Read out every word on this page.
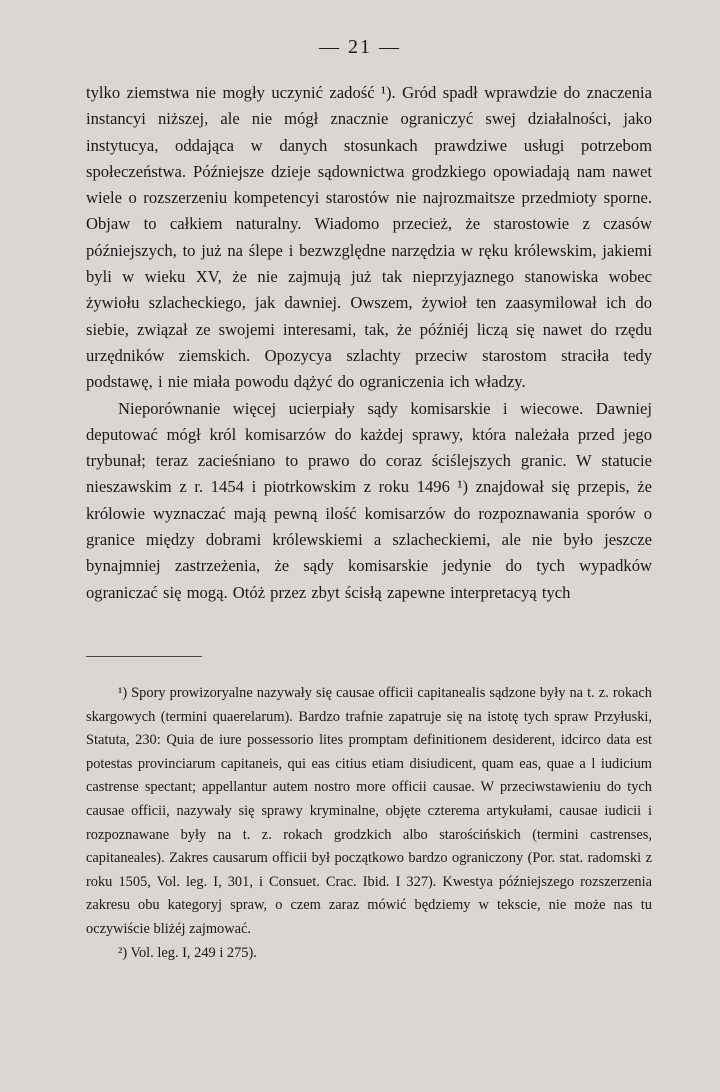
— 21 —

tylko ziemstwa nie mogły uczynić zadość ¹). Gród spadł wprawdzie do znaczenia instancyi niższej, ale nie mógł znacznie ograniczyć swej działalności, jako instytucya, oddająca w danych stosunkach prawdziwe usługi potrzebom społeczeństwa. Późniejsze dzieje sądownictwa grodzkiego opowiadają nam nawet wiele o rozszerzeniu kompetencyi starostów nie najrozmaitsze przedmioty sporne. Objaw to całkiem naturalny. Wiadomo przecież, że starostowie z czasów późniejszych, to już na ślepe i bezwzględne narzędzia w ręku królewskim, jakiemi byli w wieku XV, że nie zajmują już tak nieprzyjaznego stanowiska wobec żywiołu szlacheckiego, jak dawniej. Owszem, żywioł ten zaasymilował ich do siebie, związał ze swojemi interesami, tak, że późniéj liczą się nawet do rzędu urzędników ziemskich. Opozycya szlachty przeciw starostom straciła tedy podstawę, i nie miała powodu dążyć do ograniczenia ich władzy.

Nieporównanie więcej ucierpiały sądy komisarskie i wiecowe. Dawniej deputować mógł król komisarzów do każdej sprawy, która należała przed jego trybunał; teraz zacieśniano to prawo do coraz ściślejszych granic. W statucie nieszawskim z r. 1454 i piotrkowskim z roku 1496 ¹) znajdował się przepis, że królowie wyznaczać mają pewną ilość komisarzów do rozpoznawania sporów o granice między dobrami królewskiemi a szlacheckiemi, ale nie było jeszcze bynajmniej zastrzeżenia, że sądy komisarskie jedynie do tych wypadków ograniczać się mogą. Otóż przez zbyt ścisłą zapewne interpretacyą tych

¹) Spory prowizoryalne nazywały się causae officii capitanealis sądzone były na t. z. rokach skargowych (termini quaerelarum). Bardzo trafnie zapatruje się na istotę tych spraw Przyłuski, Statuta, 230: Quia de iure possessorio lites promptam definitionem desiderent, idcirco data est potestas provinciarum capitaneis, qui eas citius etiam disiudicent, quam eas, quae a l iudicium castrense spectant; appellantur autem nostro more officii causae. W przeciwstawieniu do tych causae officii, nazywały się sprawy kryminalne, objęte czterema artykułami, causae iudicii i rozpoznawane były na t. z. rokach grodzkich albo starościńskich (termini castrenses, capitaneales). Zakres causarum officii był początkowo bardzo ograniczony (Por. stat. radomski z roku 1505, Vol. leg. I, 301, i Consuet. Crac. Ibid. I 327). Kwestya późniejszego rozszerzenia zakresu obu kategoryj spraw, o czem zaraz mówić będziemy w tekscie, nie może nas tu oczywiście bliżéj zajmować.

²) Vol. leg. I, 249 i 275).
